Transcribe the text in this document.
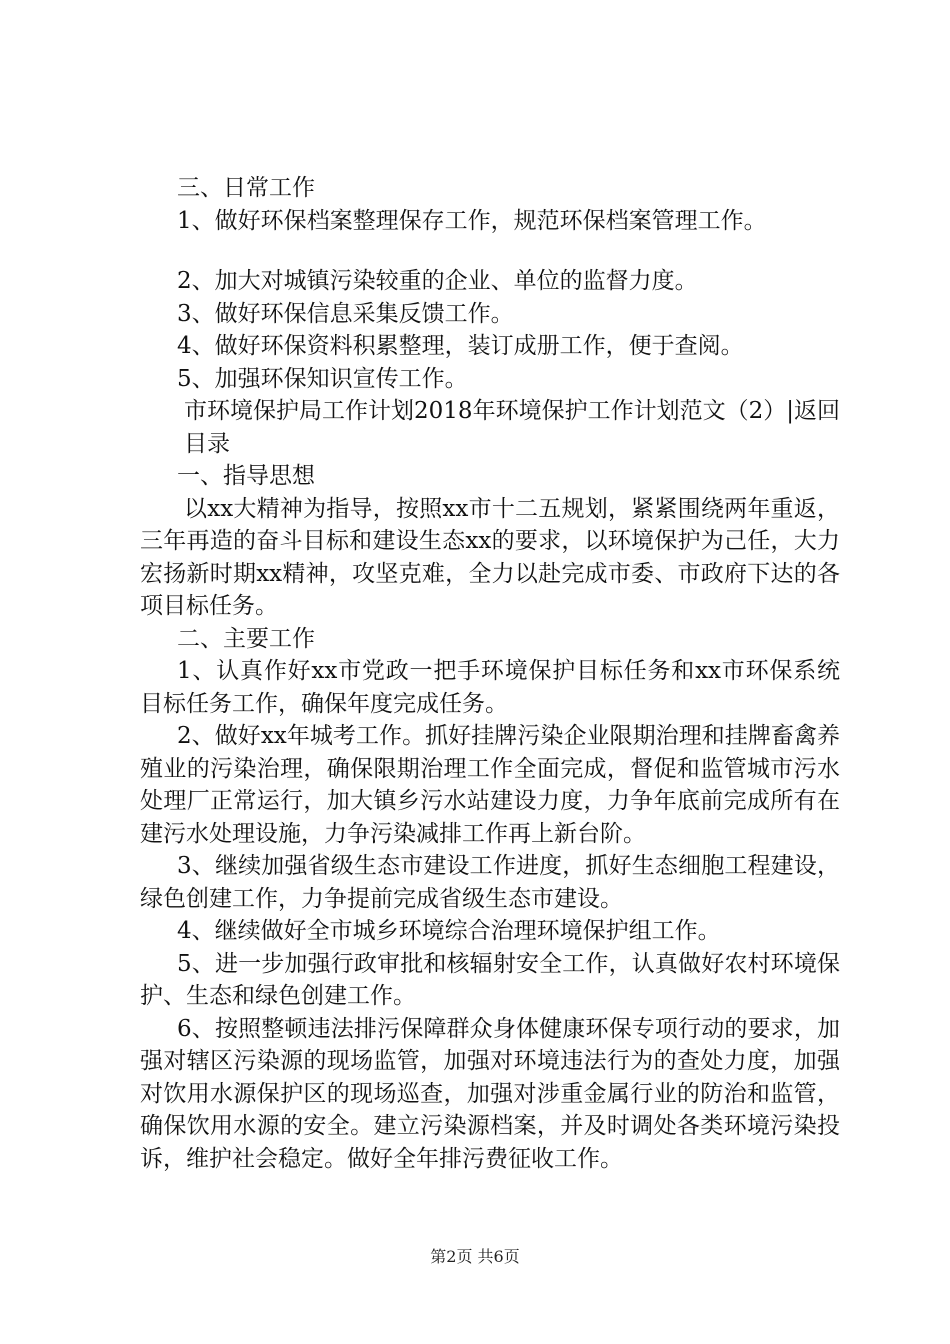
三、日常工作

1、做好环保档案整理保存工作，规范环保档案管理工作。

2、加大对城镇污染较重的企业、单位的监督力度。

3、做好环保信息采集反馈工作。

4、做好环保资料积累整理，装订成册工作，便于查阅。

5、加强环保知识宣传工作。

市环境保护局工作计划2018年环境保护工作计划范文（2）|返回目录

一、指导思想

以xx大精神为指导，按照xx市十二五规划，紧紧围绕两年重返，三年再造的奋斗目标和建设生态xx的要求，以环境保护为己任，大力宏扬新时期xx精神，攻坚克难，全力以赴完成市委、市政府下达的各项目标任务。

二、主要工作

1、认真作好xx市党政一把手环境保护目标任务和xx市环保系统目标任务工作，确保年度完成任务。

2、做好xx年城考工作。抓好挂牌污染企业限期治理和挂牌畜禽养殖业的污染治理，确保限期治理工作全面完成，督促和监管城市污水处理厂正常运行，加大镇乡污水站建设力度，力争年底前完成所有在建污水处理设施，力争污染减排工作再上新台阶。

3、继续加强省级生态市建设工作进度，抓好生态细胞工程建设，绿色创建工作，力争提前完成省级生态市建设。

4、继续做好全市城乡环境综合治理环境保护组工作。

5、进一步加强行政审批和核辐射安全工作，认真做好农村环境保护、生态和绿色创建工作。

6、按照整顿违法排污保障群众身体健康环保专项行动的要求，加强对辖区污染源的现场监管，加强对环境违法行为的查处力度，加强对饮用水源保护区的现场巡查，加强对涉重金属行业的防治和监管，确保饮用水源的安全。建立污染源档案，并及时调处各类环境污染投诉，维护社会稳定。做好全年排污费征收工作。

第2页 共6页
